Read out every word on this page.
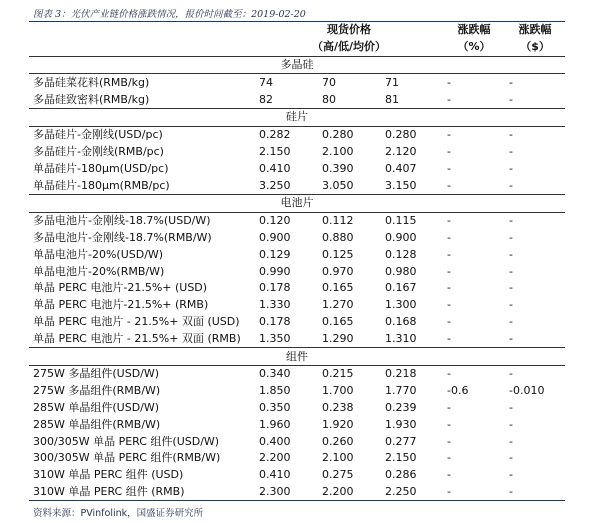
图表 3：光伏产业链价格涨跌情况，报价时间截至：2019-02-20
	现货价格			涨跌幅	涨跌幅
	（高/低/均价）			（%）	（$）
多晶硅					
多晶硅菜花料(RMB/kg)	74	70	71	-	-
多晶硅致密料(RMB/kg)	82	80	81	-	-
硅片					
多晶硅片-金刚线(USD/pc)	0.282	0.280	0.280	-	-
多晶硅片-金刚线(RMB/pc)	2.150	2.100	2.120	-	-
单晶硅片-180μm(USD/pc)	0.410	0.390	0.407	-	-
单晶硅片-180μm(RMB/pc)	3.250	3.050	3.150	-	-
电池片					
多晶电池片-金刚线-18.7%(USD/W)	0.120	0.112	0.115	-	-
多晶电池片-金刚线-18.7%(RMB/W)	0.900	0.880	0.900	-	-
单晶电池片-20%(USD/W)	0.129	0.125	0.128	-	-
单晶电池片-20%(RMB/W)	0.990	0.970	0.980	-	-
单晶 PERC 电池片-21.5%+ (USD)	0.178	0.165	0.167	-	-
单晶 PERC 电池片-21.5%+ (RMB)	1.330	1.270	1.300	-	-
单晶 PERC 电池片 - 21.5%+ 双面 (USD)	0.178	0.165	0.168	-	-
单晶 PERC 电池片 - 21.5%+ 双面 (RMB)	1.350	1.290	1.310	-	-
组件					
275W 多晶组件(USD/W)	0.340	0.215	0.218	-	-
275W 多晶组件(RMB/W)	1.850	1.700	1.770	-0.6	-0.010
285W 单晶组件(USD/W)	0.350	0.238	0.239	-	-
285W 单晶组件(RMB/W)	1.960	1.920	1.930	-	-
300/305W 单晶 PERC 组件(USD/W)	0.400	0.260	0.277	-	-
300/305W 单晶 PERC 组件(RMB/W)	2.200	2.100	2.150	-	-
310W 单晶 PERC 组件 (USD)	0.410	0.275	0.286	-	-
310W 单晶 PERC 组件 (RMB)	2.300	2.200	2.250	-	-
资料来源：PVinfolink，国盛证券研究所
